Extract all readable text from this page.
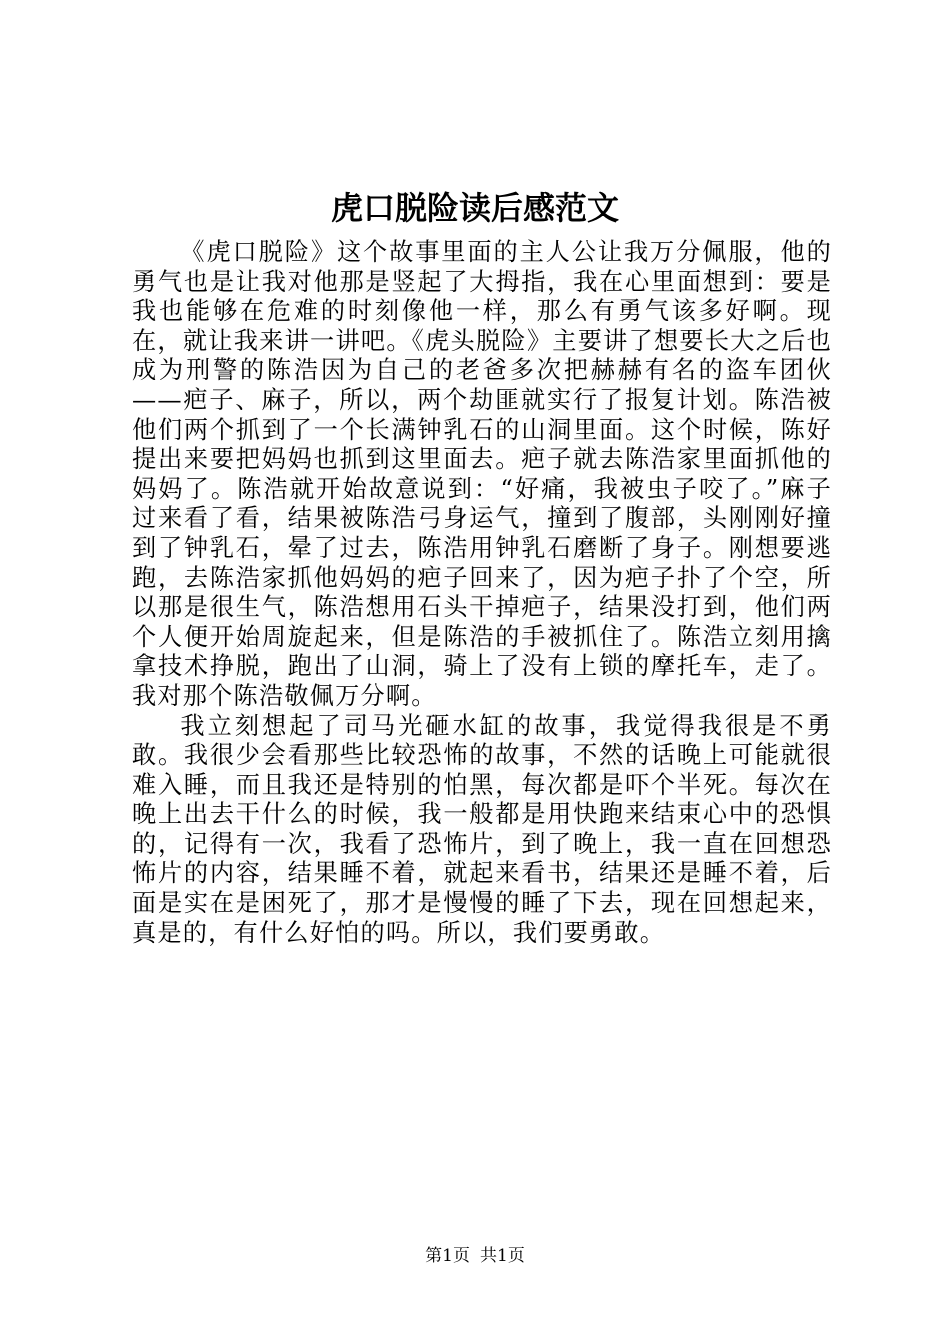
虎口脱险读后感范文

《虎口脱险》这个故事里面的主人公让我万分佩服，他的勇气也是让我对他那是竖起了大拇指，我在心里面想到：要是我也能够在危难的时刻像他一样，那么有勇气该多好啊。现在，就让我来讲一讲吧。《虎头脱险》主要讲了想要长大之后也成为刑警的陈浩因为自己的老爸多次把赫赫有名的盗车团伙——疤子、麻子，所以，两个劫匪就实行了报复计划。陈浩被他们两个抓到了一个长满钟乳石的山洞里面。这个时候，陈好提出来要把妈妈也抓到这里面去。疤子就去陈浩家里面抓他的妈妈了。陈浩就开始故意说到：“好痛，我被虫子咬了。”麻子过来看了看，结果被陈浩弓身运气，撞到了腹部，头刚刚好撞到了钟乳石，晕了过去，陈浩用钟乳石磨断了身子。刚想要逃跑，去陈浩家抓他妈妈的疤子回来了，因为疤子扑了个空，所以那是很生气，陈浩想用石头干掉疤子，结果没打到，他们两个人便开始周旋起来，但是陈浩的手被抓住了。陈浩立刻用擒拿技术挣脱，跑出了山洞，骑上了没有上锁的摩托车，走了。我对那个陈浩敬佩万分啊。

我立刻想起了司马光砸水缸的故事，我觉得我很是不勇敢。我很少会看那些比较恐怖的故事，不然的话晚上可能就很难入睡，而且我还是特别的怕黑，每次都是吓个半死。每次在晚上出去干什么的时候，我一般都是用快跑来结束心中的恐惧的，记得有一次，我看了恐怖片，到了晚上，我一直在回想恐怖片的内容，结果睡不着，就起来看书，结果还是睡不着，后面是实在是困死了，那才是慢慢的睡了下去，现在回想起来，真是的，有什么好怕的吗。所以，我们要勇敢。

第1页 共1页
